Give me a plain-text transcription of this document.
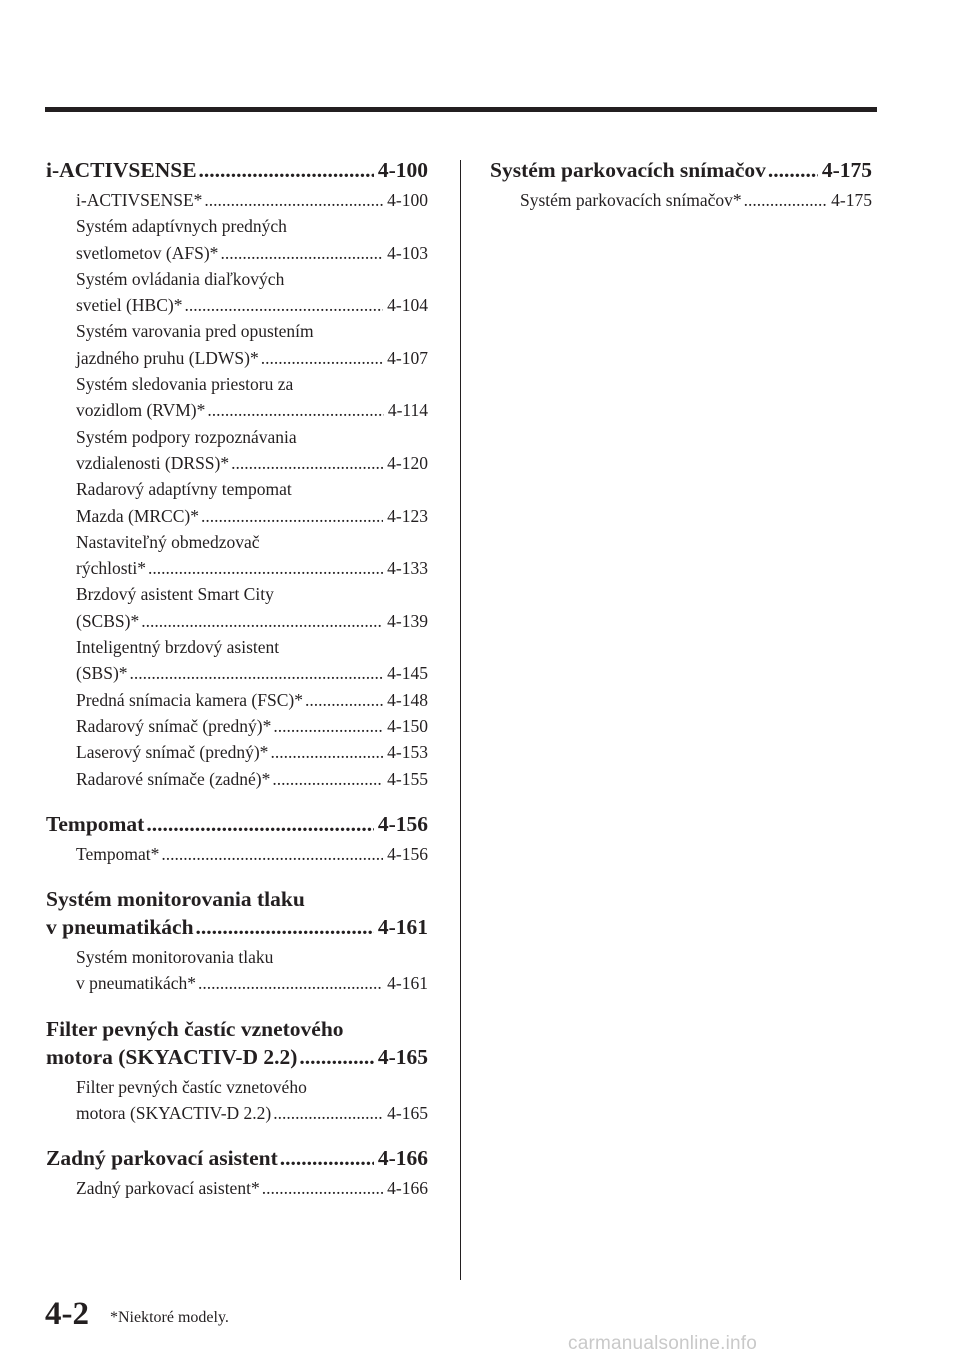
i-ACTIVSENSE .....	4-100
i-ACTIVSENSE* .....	4-100
Systém adaptívnych predných
svetlometov (AFS)* .....	4-103
Systém ovládania diaľkových
svetiel (HBC)* .....	4-104
Systém varovania pred opustením
jazdného pruhu (LDWS)* .....	4-107
Systém sledovania priestoru za
vozidlom (RVM)* .....	4-114
Systém podpory rozpoznávania
vzdialenosti (DRSS)* .....	4-120
Radarový adaptívny tempomat
Mazda (MRCC)* .....	4-123
Nastaviteľný obmedzovač
rýchlosti* .....	4-133
Brzdový asistent Smart City
(SCBS)* .....	4-139
Inteligentný brzdový asistent
(SBS)* .....	4-145
Predná snímacia kamera (FSC)* .....	4-148
Radarový snímač (predný)* .....	4-150
Laserový snímač (predný)* .....	4-153
Radarové snímače (zadné)* .....	4-155
Tempomat .....	4-156
Tempomat* .....	4-156
Systém monitorovania tlaku
v pneumatikách .....	4-161
Systém monitorovania tlaku
v pneumatikách* .....	4-161
Filter pevných častíc vznetového
motora (SKYACTIV-D 2.2) .....	4-165
Filter pevných častíc vznetového
motora (SKYACTIV-D 2.2) .....	4-165
Zadný parkovací asistent .....	4-166
Zadný parkovací asistent* .....	4-166
Systém parkovacích snímačov .....	4-175
Systém parkovacích snímačov* .....	4-175
4-2 *Niektoré modely.
carmanualsonline.info
